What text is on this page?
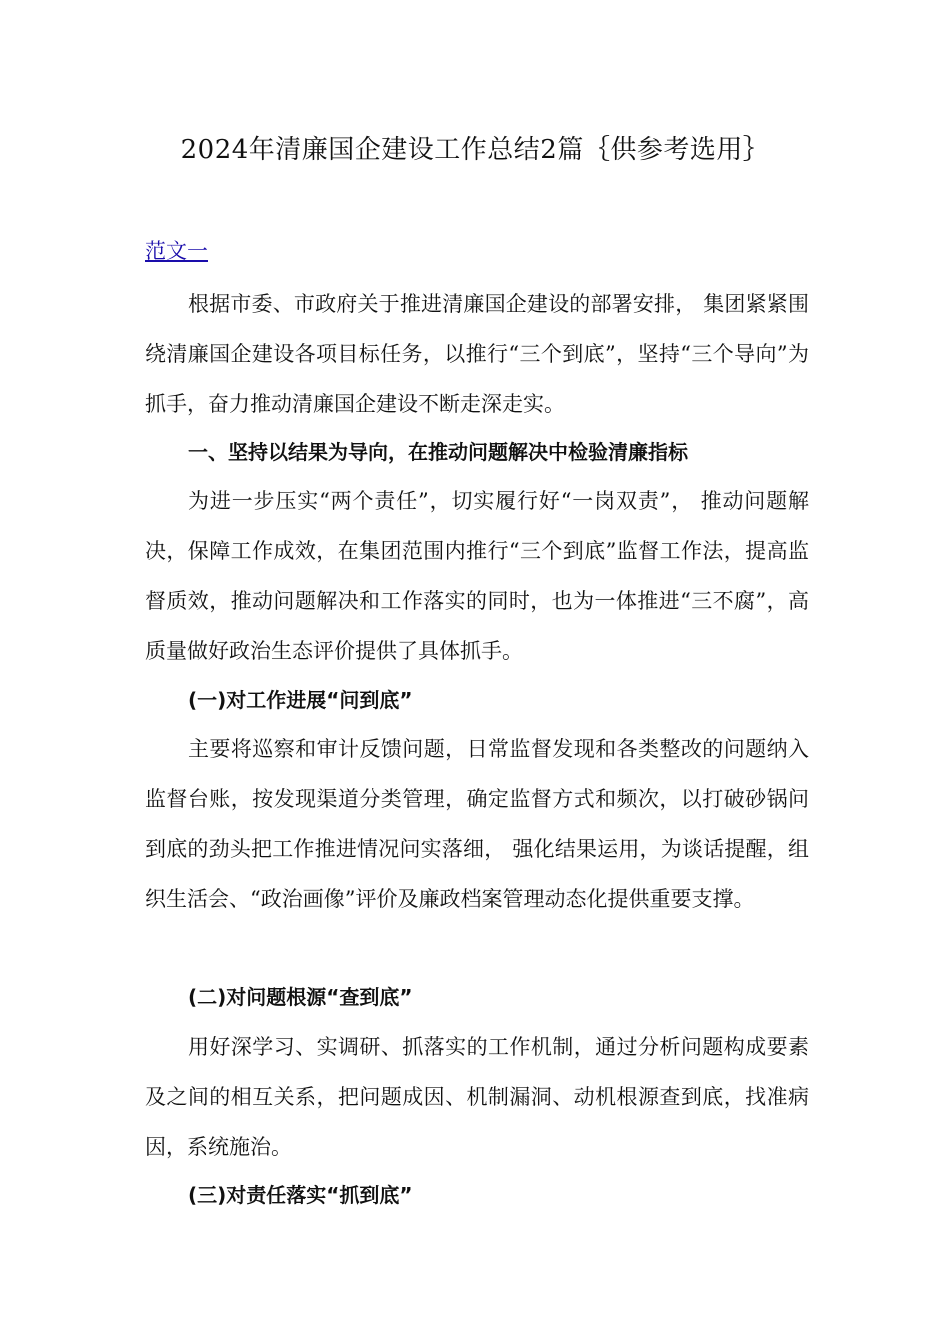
2024年清廉国企建设工作总结2篇｛供参考选用｝
范文一

根据市委、市政府关于推进清廉国企建设的部署安排， 集团紧紧围绕清廉国企建设各项目标任务，以推行“三个到底”，坚持“三个导向”为抓手，奋力推动清廉国企建设不断走深走实。

一、坚持以结果为导向，在推动问题解决中检验清廉指标

为进一步压实“两个责任”，切实履行好“一岗双责”， 推动问题解决，保障工作成效，在集团范围内推行“三个到底”监督工作法，提高监督质效，推动问题解决和工作落实的同时，也为一体推进“三不腐”，高质量做好政治生态评价提供了具体抓手。

(一)对工作进展“问到底”

主要将巡察和审计反馈问题，日常监督发现和各类整改的问题纳入监督台账，按发现渠道分类管理，确定监督方式和频次，以打破砂锅问到底的劲头把工作推进情况问实落细， 强化结果运用，为谈话提醒，组织生活会、“政治画像”评价及廉政档案管理动态化提供重要支撑。

(二)对问题根源“查到底”

用好深学习、实调研、抓落实的工作机制，通过分析问题构成要素及之间的相互关系，把问题成因、机制漏洞、动机根源查到底，找准病因，系统施治。

(三)对责任落实“抓到底”
